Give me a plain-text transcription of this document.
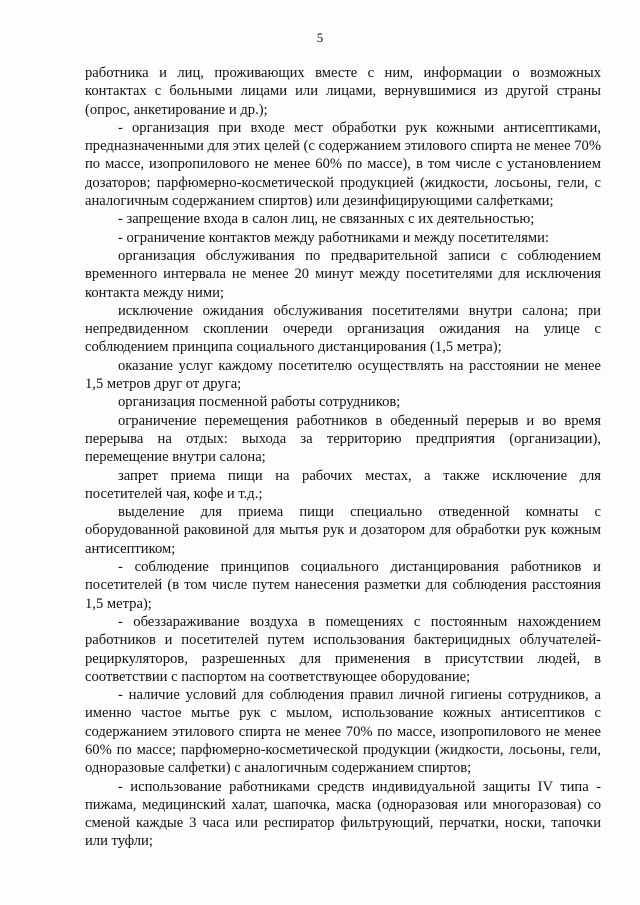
5

работника и лиц, проживающих вместе с ним, информации о возможных контактах с больными лицами или лицами, вернувшимися из другой страны (опрос, анкетирование и др.);

- организация при входе мест обработки рук кожными антисептиками, предназначенными для этих целей (с содержанием этилового спирта не менее 70% по массе, изопропилового не менее 60% по массе), в том числе с установлением дозаторов; парфюмерно-косметической продукцией (жидкости, лосьоны, гели, с аналогичным содержанием спиртов) или дезинфицирующими салфетками;

- запрещение входа в салон лиц, не связанных с их деятельностью;

- ограничение контактов между работниками и между посетителями:

организация обслуживания по предварительной записи с соблюдением временного интервала не менее 20 минут между посетителями для исключения контакта между ними;

исключение ожидания обслуживания посетителями внутри салона; при непредвиденном скоплении очереди организация ожидания на улице с соблюдением принципа социального дистанцирования (1,5 метра);

оказание услуг каждому посетителю осуществлять на расстоянии не менее 1,5 метров друг от друга;

организация посменной работы сотрудников;

ограничение перемещения работников в обеденный перерыв и во время перерыва на отдых: выхода за территорию предприятия (организации), перемещение внутри салона;

запрет приема пищи на рабочих местах, а также исключение для посетителей чая, кофе и т.д.;

выделение для приема пищи специально отведенной комнаты с оборудованной раковиной для мытья рук и дозатором для обработки рук кожным антисептиком;

- соблюдение принципов социального дистанцирования работников и посетителей (в том числе путем нанесения разметки для соблюдения расстояния 1,5 метра);

- обеззараживание воздуха в помещениях с постоянным нахождением работников и посетителей путем использования бактерицидных облучателей-рециркуляторов, разрешенных для применения в присутствии людей, в соответствии с паспортом на соответствующее оборудование;

- наличие условий для соблюдения правил личной гигиены сотрудников, а именно частое мытье рук с мылом, использование кожных антисептиков с содержанием этилового спирта не менее 70% по массе, изопропилового не менее 60% по массе; парфюмерно-косметической продукции (жидкости, лосьоны, гели, одноразовые салфетки) с аналогичным содержанием спиртов;

- использование работниками средств индивидуальной защиты IV типа - пижама, медицинский халат, шапочка, маска (одноразовая или многоразовая) со сменой каждые 3 часа или респиратор фильтрующий, перчатки, носки, тапочки или туфли;
